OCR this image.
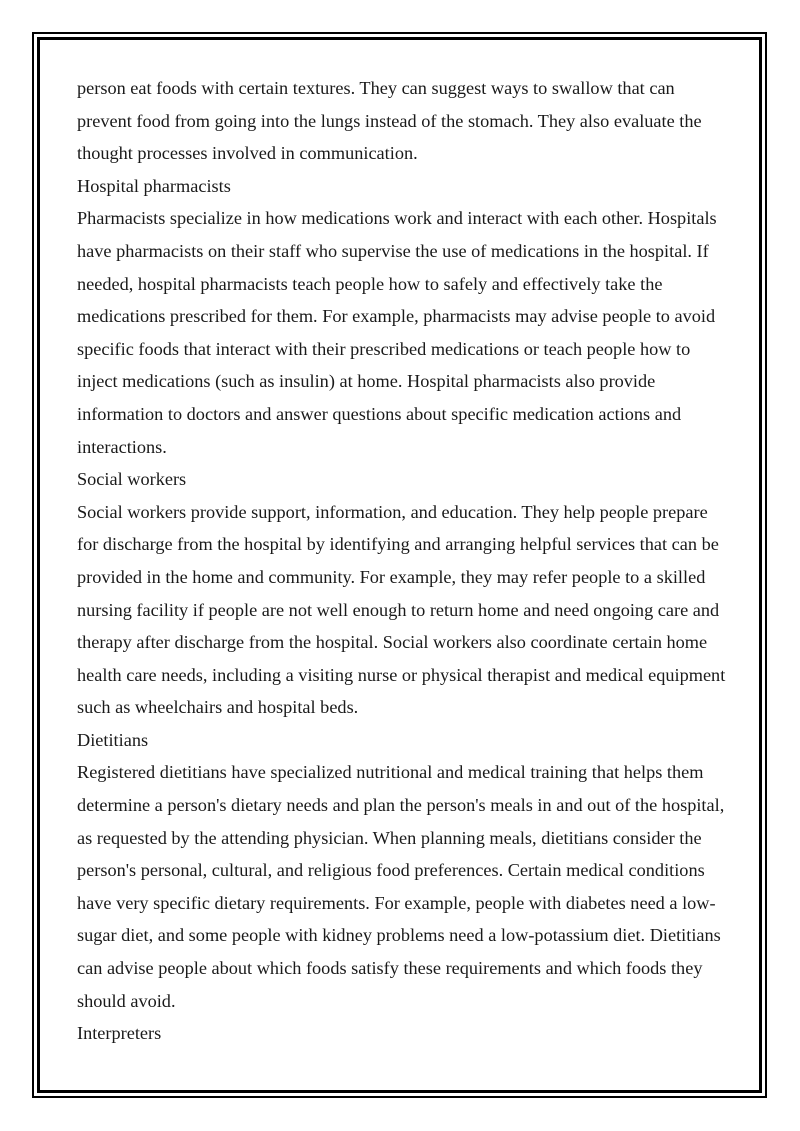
person eat foods with certain textures. They can suggest ways to swallow that can prevent food from going into the lungs instead of the stomach. They also evaluate the thought processes involved in communication.

Hospital pharmacists

Pharmacists specialize in how medications work and interact with each other. Hospitals have pharmacists on their staff who supervise the use of medications in the hospital. If needed, hospital pharmacists teach people how to safely and effectively take the medications prescribed for them. For example, pharmacists may advise people to avoid specific foods that interact with their prescribed medications or teach people how to inject medications (such as insulin) at home. Hospital pharmacists also provide information to doctors and answer questions about specific medication actions and interactions.

Social workers

Social workers provide support, information, and education. They help people prepare for discharge from the hospital by identifying and arranging helpful services that can be provided in the home and community. For example, they may refer people to a skilled nursing facility if people are not well enough to return home and need ongoing care and therapy after discharge from the hospital. Social workers also coordinate certain home health care needs, including a visiting nurse or physical therapist and medical equipment such as wheelchairs and hospital beds.

Dietitians

Registered dietitians have specialized nutritional and medical training that helps them determine a person's dietary needs and plan the person's meals in and out of the hospital, as requested by the attending physician. When planning meals, dietitians consider the person's personal, cultural, and religious food preferences. Certain medical conditions have very specific dietary requirements. For example, people with diabetes need a low-sugar diet, and some people with kidney problems need a low-potassium diet. Dietitians can advise people about which foods satisfy these requirements and which foods they should avoid.

Interpreters
